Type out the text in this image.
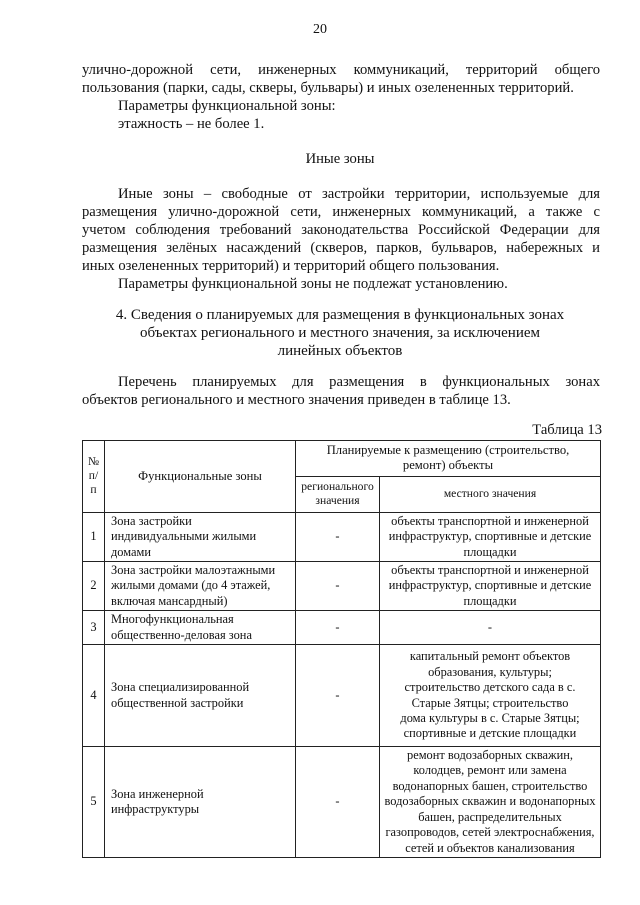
20
улично-дорожной сети, инженерных коммуникаций, территорий общего
пользования (парки, сады, скверы, бульвары) и иных озелененных территорий.
Параметры функциональной зоны:
этажность – не более 1.
Иные зоны
Иные зоны – свободные от застройки территории, используемые для
размещения улично-дорожной сети, инженерных коммуникаций, а также с
учетом соблюдения требований законодательства Российской Федерации для
размещения зелёных насаждений (скверов, парков, бульваров, набережных и
иных озелененных территорий) и территорий общего пользования.
Параметры функциональной зоны не подлежат установлению.
4. Сведения о планируемых для размещения в функциональных зонах
объектах регионального и местного значения, за исключением
линейных объектов
Перечень планируемых для размещения в функциональных зонах
объектов регионального и местного значения приведен в таблице 13.
Таблица 13
№ п/п	Функциональные зоны	Планируемые к размещению (строительство, ремонт) объекты	
		регионального значения	местного значения
1	Зона застройки индивидуальными жилыми домами	-	объекты транспортной и инженерной инфраструктур, спортивные и детские площадки
2	Зона застройки малоэтажными жилыми домами (до 4 этажей, включая мансардный)	-	объекты транспортной и инженерной инфраструктур, спортивные и детские площадки
3	Многофункциональная общественно-деловая зона	-	-
4	Зона специализированной общественной застройки	-	капитальный ремонт объектов образования, культуры; строительство детского сада в с. Старые Зятцы; строительство дома культуры в с. Старые Зятцы; спортивные и детские площадки
5	Зона инженерной инфраструктуры	-	ремонт водозаборных скважин, колодцев, ремонт или замена водонапорных башен, строительство водозаборных скважин и водонапорных башен, распределительных газопроводов, сетей электроснабжения, сетей и объектов канализования
